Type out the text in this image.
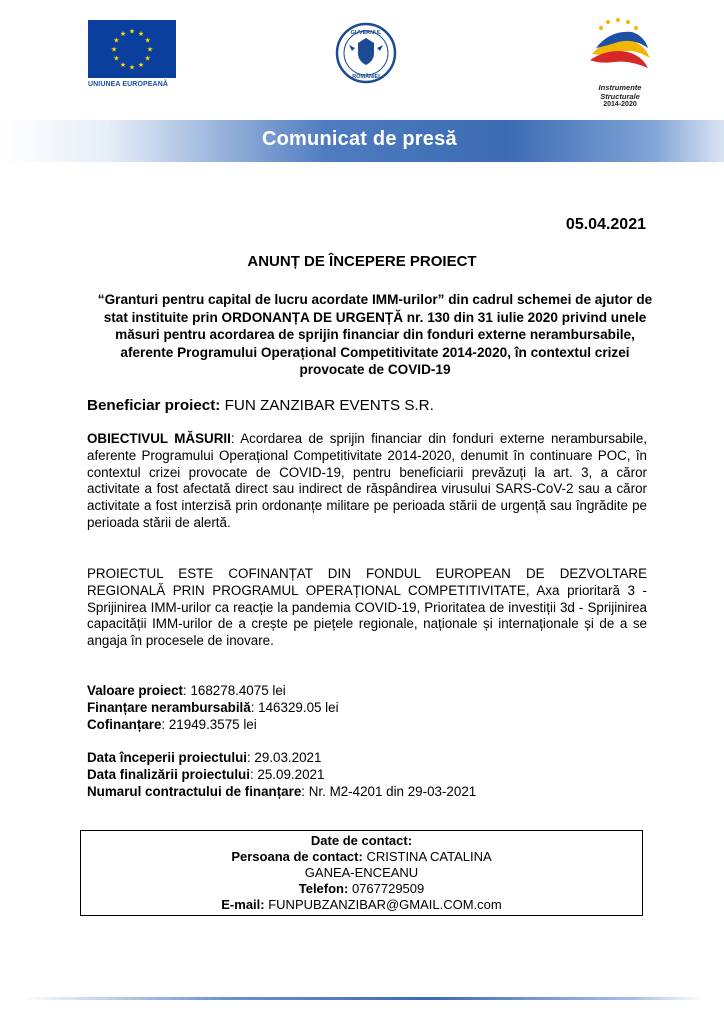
★ ★
★
★
★
★
★
★
★
★
★
★
UNIUNEA EUROPEANĂ
GUVERNUL
ROMÂNIEI
Instrumente Structurale
2014-2020
Comunicat de presă
05.04.2021
ANUNȚ DE ÎNCEPERE PROIECT
“Granturi pentru capital de lucru acordate IMM-urilor” din cadrul schemei de ajutor de stat instituite prin ORDONANȚA DE URGENȚĂ nr. 130 din 31 iulie 2020 privind unele măsuri pentru acordarea de sprijin financiar din fonduri externe nerambursabile, aferente Programului Operațional Competitivitate 2014-2020, în contextul crizei provocate de COVID-19
Beneficiar proiect: FUN ZANZIBAR EVENTS S.R.
OBIECTIVUL MĂSURII: Acordarea de sprijin financiar din fonduri externe nerambursabile, aferente Programului Operațional Competitivitate 2014-2020, denumit în continuare POC, în contextul crizei provocate de COVID-19, pentru beneficiarii prevăzuți la art. 3, a căror activitate a fost afectată direct sau indirect de răspândirea virusului SARS-CoV-2 sau a căror activitate a fost interzisă prin ordonanțe militare pe perioada stării de urgență sau îngrădite pe perioada stării de alertă.
PROIECTUL ESTE COFINANȚAT DIN FONDUL EUROPEAN DE DEZVOLTARE REGIONALĂ PRIN PROGRAMUL OPERAȚIONAL COMPETITIVITATE, Axa prioritară 3 - Sprijinirea IMM-urilor ca reacție la pandemia COVID-19, Prioritatea de investiții 3d - Sprijinirea capacității IMM-urilor de a crește pe piețele regionale, naționale și internaționale și de a se angaja în procesele de inovare.
Valoare proiect: 168278.4075 lei
Finanțare nerambursabilă: 146329.05 lei
Cofinanțare: 21949.3575 lei
Data începerii proiectului: 29.03.2021
Data finalizării proiectului: 25.09.2021
Numarul contractului de finanțare: Nr. M2-4201 din 29-03-2021
Date de contact:
Persoana de contact: CRISTINA CATALINA
GANEA-ENCEANU
Telefon: 0767729509
E-mail: FUNPUBZANZIBAR@GMAIL.COM.com
